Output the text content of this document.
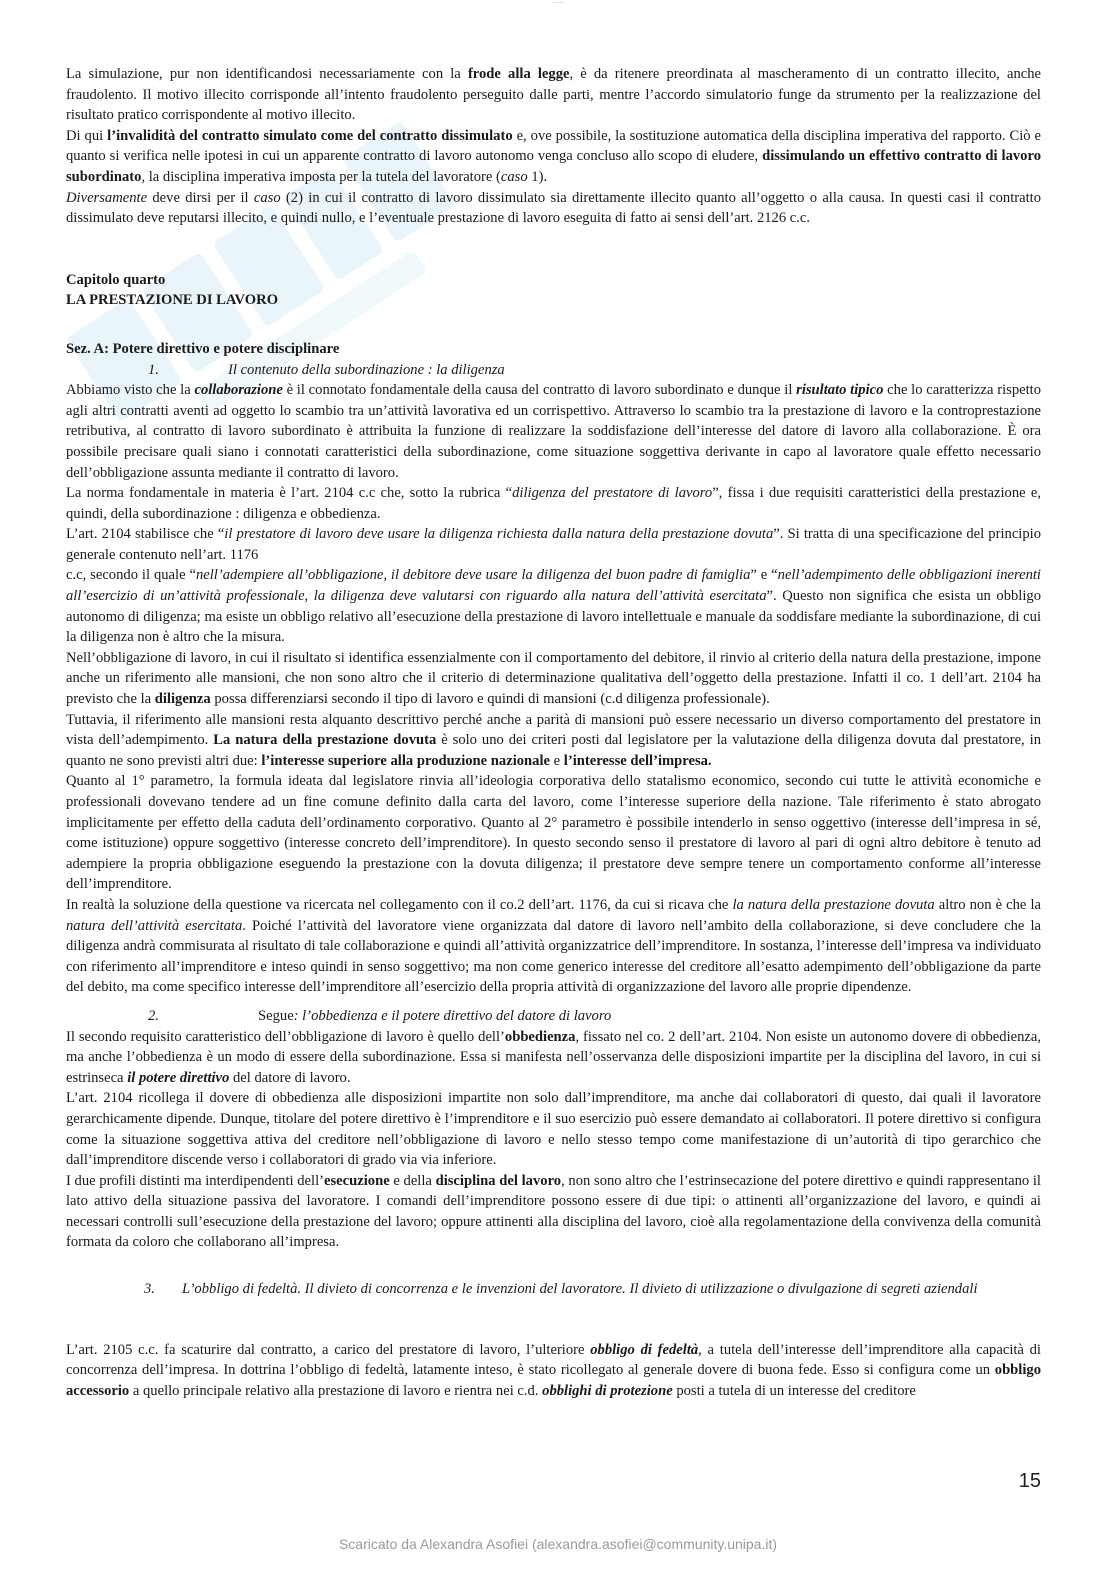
~~~~~~~~

La simulazione, pur non identificandosi necessariamente con la frode alla legge, è da ritenere preordinata al mascheramento di un contratto illecito, anche fraudolento. Il motivo illecito corrisponde all’intento fraudolento perseguito dalle parti, mentre l’accordo simulatorio funge da strumento per la realizzazione del risultato pratico corrispondente al motivo illecito.

Di qui l’invalidità del contratto simulato come del contratto dissimulato e, ove possibile, la sostituzione automatica della disciplina imperativa del rapporto. Ciò e quanto si verifica nelle ipotesi in cui un apparente contratto di lavoro autonomo venga concluso allo scopo di eludere, dissimulando un effettivo contratto di lavoro subordinato, la disciplina imperativa imposta per la tutela del lavoratore (caso 1).

Diversamente deve dirsi per il caso (2) in cui il contratto di lavoro dissimulato sia direttamente illecito quanto all’oggetto o alla causa. In questi casi il contratto dissimulato deve reputarsi illecito, e quindi nullo, e l’eventuale prestazione di lavoro eseguita di fatto ai sensi dell’art. 2126 c.c.

Capitolo quarto

LA PRESTAZIONE DI LAVORO

Sez. A: Potere direttivo e potere disciplinare

1.	Il contenuto della subordinazione : la diligenza

Abbiamo visto che la collaborazione è il connotato fondamentale della causa del contratto di lavoro subordinato e dunque il risultato tipico che lo caratterizza rispetto agli altri contratti aventi ad oggetto lo scambio tra un’attività lavorativa ed un corrispettivo. Attraverso lo scambio tra la prestazione di lavoro e la controprestazione retributiva, al contratto di lavoro subordinato è attribuita la funzione di realizzare la soddisfazione dell’interesse del datore di lavoro alla collaborazione. È ora possibile precisare quali siano i connotati caratteristici della subordinazione, come situazione soggettiva derivante in capo al lavoratore quale effetto necessario dell’obbligazione assunta mediante il contratto di lavoro.

La norma fondamentale in materia è l’art. 2104 c.c che, sotto la rubrica “diligenza del prestatore di lavoro”, fissa i due requisiti caratteristici della prestazione e, quindi, della subordinazione : diligenza e obbedienza.

L’art. 2104 stabilisce che “il prestatore di lavoro deve usare la diligenza richiesta dalla natura della prestazione dovuta”. Si tratta di una specificazione del principio generale contenuto nell’art. 1176

c.c, secondo il quale “nell’adempiere all’obbligazione, il debitore deve usare la diligenza del buon padre di famiglia” e “nell’adempimento delle obbligazioni inerenti all’esercizio di un’attività professionale, la diligenza deve valutarsi con riguardo alla natura dell’attività esercitata”. Questo non significa che esista un obbligo autonomo di diligenza; ma esiste un obbligo relativo all’esecuzione della prestazione di lavoro intellettuale e manuale da soddisfare mediante la subordinazione, di cui la diligenza non è altro che la misura.

Nell’obbligazione di lavoro, in cui il risultato si identifica essenzialmente con il comportamento del debitore, il rinvio al criterio della natura della prestazione, impone anche un riferimento alle mansioni, che non sono altro che il criterio di determinazione qualitativa dell’oggetto della prestazione. Infatti il co. 1 dell’art. 2104 ha previsto che la diligenza possa differenziarsi secondo il tipo di lavoro e quindi di mansioni (c.d diligenza professionale).

Tuttavia, il riferimento alle mansioni resta alquanto descrittivo perché anche a parità di mansioni può essere necessario un diverso comportamento del prestatore in vista dell’adempimento. La natura della prestazione dovuta è solo uno dei criteri posti dal legislatore per la valutazione della diligenza dovuta dal prestatore, in quanto ne sono previsti altri due: l’interesse superiore alla produzione nazionale e l’interesse dell’impresa.

Quanto al 1° parametro, la formula ideata dal legislatore rinvia all’ideologia corporativa dello statalismo economico, secondo cui tutte le attività economiche e professionali dovevano tendere ad un fine comune definito dalla carta del lavoro, come l’interesse superiore della nazione. Tale riferimento è stato abrogato implicitamente per effetto della caduta dell’ordinamento corporativo. Quanto al 2° parametro è possibile intenderlo in senso oggettivo (interesse dell’impresa in sé, come istituzione) oppure soggettivo (interesse concreto dell’imprenditore). In questo secondo senso il prestatore di lavoro al pari di ogni altro debitore è tenuto ad adempiere la propria obbligazione eseguendo la prestazione con la dovuta diligenza; il prestatore deve sempre tenere un comportamento conforme all’interesse dell’imprenditore.

In realtà la soluzione della questione va ricercata nel collegamento con il co.2 dell’art. 1176, da cui si ricava che la natura della prestazione dovuta altro non è che la natura dell’attività esercitata. Poiché l’attività del lavoratore viene organizzata dal datore di lavoro nell’ambito della collaborazione, si deve concludere che la diligenza andrà commisurata al risultato di tale collaborazione e quindi all’attività organizzatrice dell’imprenditore. In sostanza, l’interesse dell’impresa va individuato con riferimento all’imprenditore e inteso quindi in senso soggettivo; ma non come generico interesse del creditore all’esatto adempimento dell’obbligazione da parte del debito, ma come specifico interesse dell’imprenditore all’esercizio della propria attività di organizzazione del lavoro alle proprie dipendenze.

2.	Segue: l’obbedienza e il potere direttivo del datore di lavoro

Il secondo requisito caratteristico dell’obbligazione di lavoro è quello dell’obbedienza, fissato nel co. 2 dell’art. 2104. Non esiste un autonomo dovere di obbedienza, ma anche l’obbedienza è un modo di essere della subordinazione. Essa si manifesta nell’osservanza delle disposizioni impartite per la disciplina del lavoro, in cui si estrinseca il potere direttivo del datore di lavoro.

L’art. 2104 ricollega il dovere di obbedienza alle disposizioni impartite non solo dall’imprenditore, ma anche dai collaboratori di questo, dai quali il lavoratore gerarchicamente dipende. Dunque, titolare del potere direttivo è l’imprenditore e il suo esercizio può essere demandato ai collaboratori. Il potere direttivo si configura come la situazione soggettiva attiva del creditore nell’obbligazione di lavoro e nello stesso tempo come manifestazione di un’autorità di tipo gerarchico che dall’imprenditore discende verso i collaboratori di grado via via inferiore.

I due profili distinti ma interdipendenti dell’esecuzione e della disciplina del lavoro, non sono altro che l’estrinsecazione del potere direttivo e quindi rappresentano il lato attivo della situazione passiva del lavoratore. I comandi dell’imprenditore possono essere di due tipi: o attinenti all’organizzazione del lavoro, e quindi ai necessari controlli sull’esecuzione della prestazione del lavoro; oppure attinenti alla disciplina del lavoro, cioè alla regolamentazione della convivenza della comunità formata da coloro che collaborano all’impresa.

3.	L’obbligo di fedeltà. Il divieto di concorrenza e le invenzioni del lavoratore. Il divieto di utilizzazione o divulgazione di segreti aziendali

L’art. 2105 c.c. fa scaturire dal contratto, a carico del prestatore di lavoro, l’ulteriore obbligo di fedeltà, a tutela dell’interesse dell’imprenditore alla capacità di concorrenza dell’impresa. In dottrina l’obbligo di fedeltà, latamente inteso, è stato ricollegato al generale dovere di buona fede. Esso si configura come un obbligo accessorio a quello principale relativo alla prestazione di lavoro e rientra nei c.d. obblighi di protezione posti a tutela di un interesse del creditore

15
Scaricato da Alexandra Asofiei (alexandra.asofiei@community.unipa.it)
